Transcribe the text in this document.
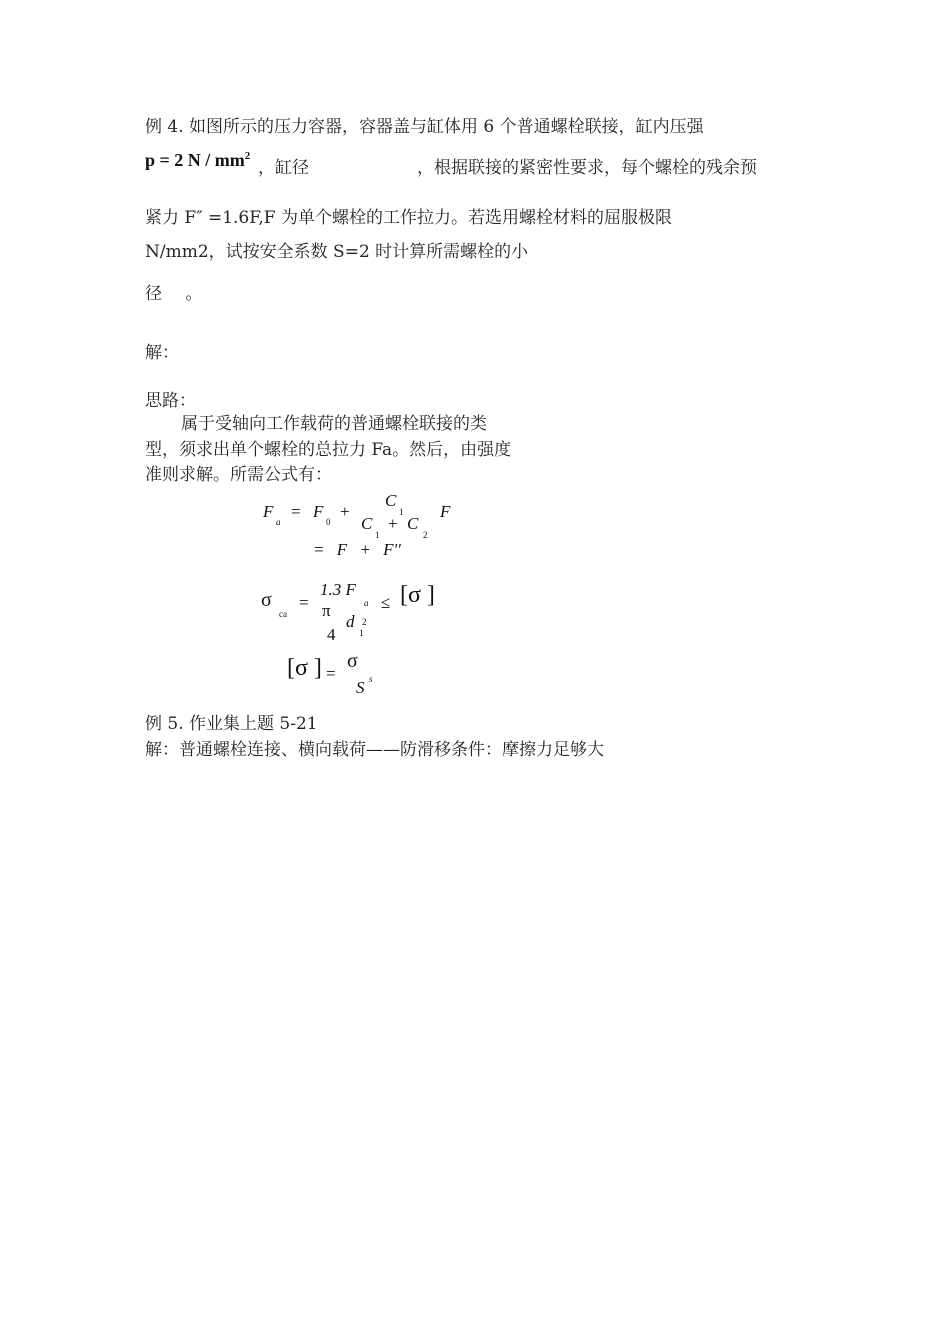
例 4. 如图所示的压力容器，容器盖与缸体用 6 个普通螺栓联接，缸内压强
p = 2 N / $mm^2$
，缸径	，根据联接的紧密性要求，每个螺栓的残余预
紧力 F″ =1.6F,F 为单个螺栓的工作拉力。若选用螺栓材料的屈服极限
N/mm2，试按安全系数 S=2 时计算所需螺栓的小
径 。
解：
思路：
属于受轴向工作载荷的普通螺栓联接的类
型，须求出单个螺栓的总拉力 Fa。然后，由强度
准则求解。所需公式有：
F
a
= F
0
+
C
1
C
1
+ C
2
F
= F + F''
σ
ca
=
1.3 F
a
π
4
d 2
1
≤ [σ ]
[σ ] =
σ
S s
例 5. 作业集上题 5-21
解：普通螺栓连接、横向载荷——防滑移条件：摩擦力足够大
